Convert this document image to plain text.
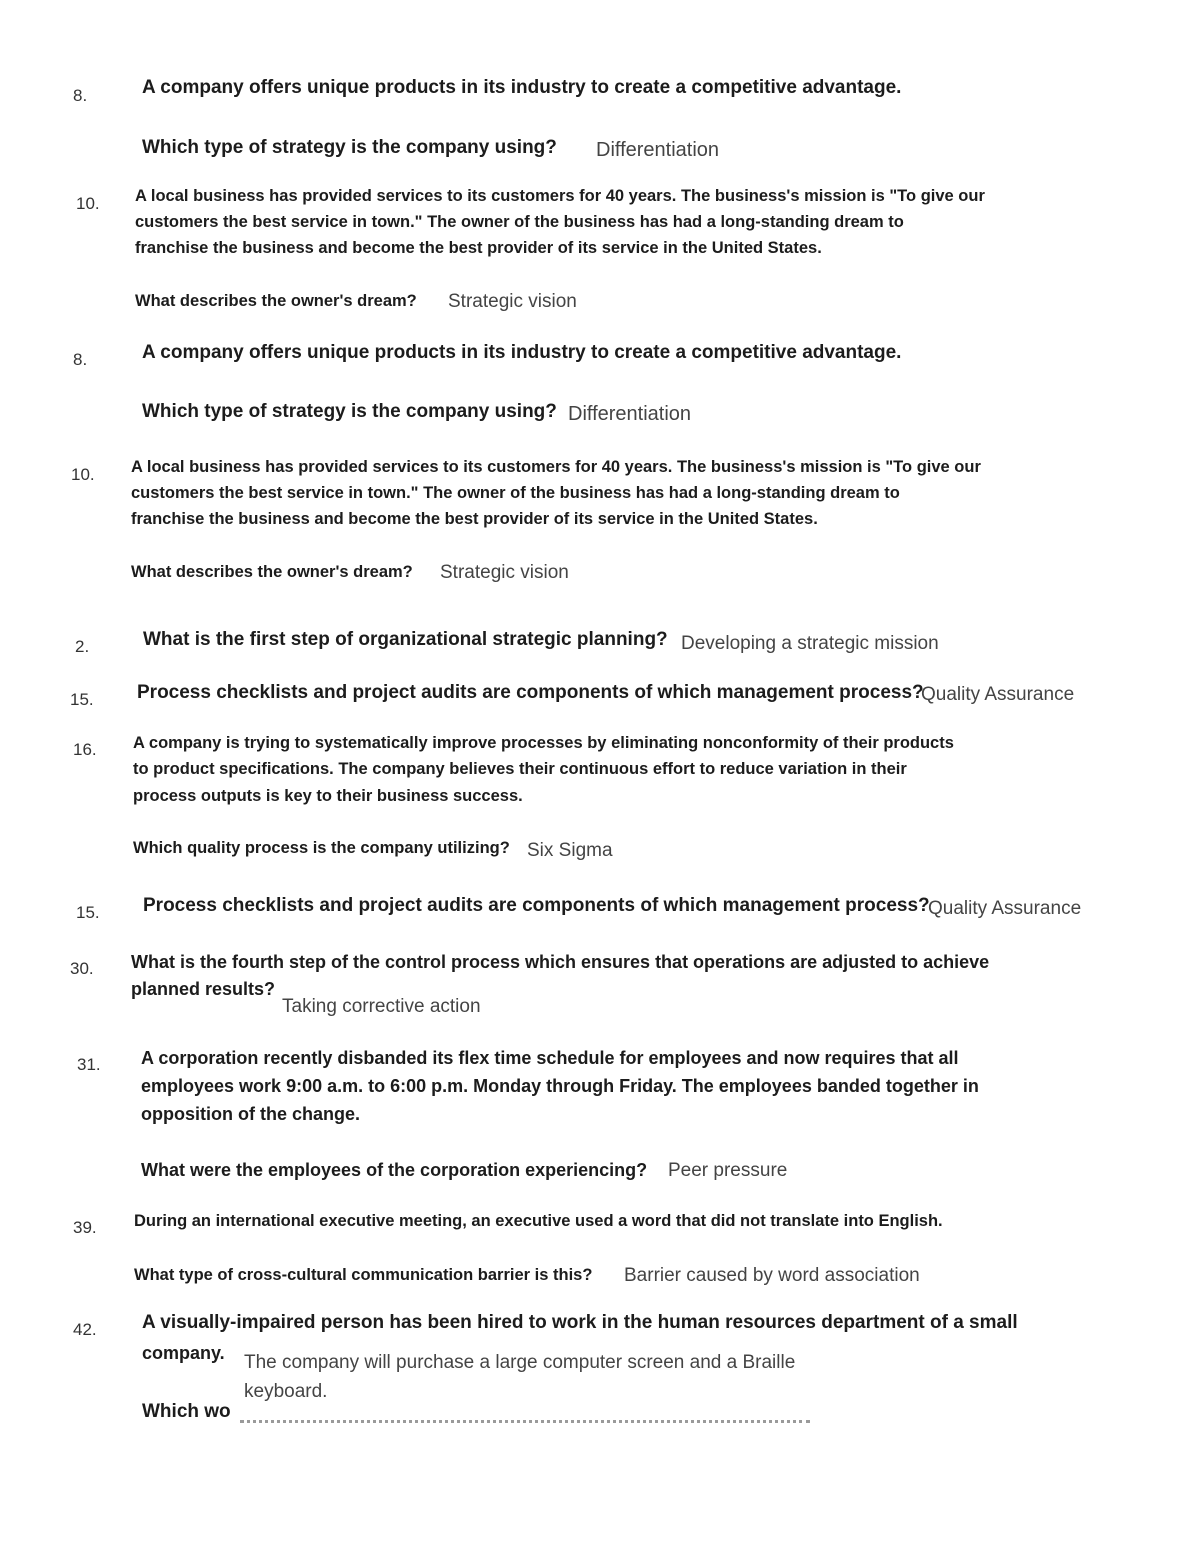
8.	A company offers unique products in its industry to create a competitive advantage.
Which type of strategy is the company using? Differentiation
10. A local business has provided services to its customers for 40 years. The business's mission is "To give our
customers the best service in town." The owner of the business has had a long-standing dream to
franchise the business and become the best provider of its service in the United States.
What describes the owner's dream? Strategic vision
8.	A company offers unique products in its industry to create a competitive advantage.
Which type of strategy is the company using? Differentiation
10. A local business has provided services to its customers for 40 years. The business's mission is "To give our
customers the best service in town." The owner of the business has had a long-standing dream to
franchise the business and become the best provider of its service in the United States.
What describes the owner's dream? Strategic vision
2.	What is the first step of organizational strategic planning? Developing a strategic mission
15. Process checklists and project audits are components of which management process?
Quality Assurance
16. A company is trying to systematically improve processes by eliminating nonconformity of their products
to product specifications. The company believes their continuous effort to reduce variation in their
process outputs is key to their business success.
Which quality process is the company utilizing? Six Sigma
15. Process checklists and project audits are components of which management process?
Quality Assurance
30. What is the fourth step of the control process which ensures that operations are adjusted to achieve
planned results?
Taking corrective action
31. A corporation recently disbanded its flex time schedule for employees and now requires that all
employees work 9:00 a.m. to 6:00 p.m. Monday through Friday. The employees banded together in
opposition of the change.
What were the employees of the corporation experiencing? Peer pressure
39. During an international executive meeting, an executive used a word that did not translate into English.
What type of cross-cultural communication barrier is this? Barrier caused by word association
42. A visually-impaired person has been hired to work in the human resources department of a small
company.
Which wo
The company will purchase a large computer screen and a Braille
keyboard.
